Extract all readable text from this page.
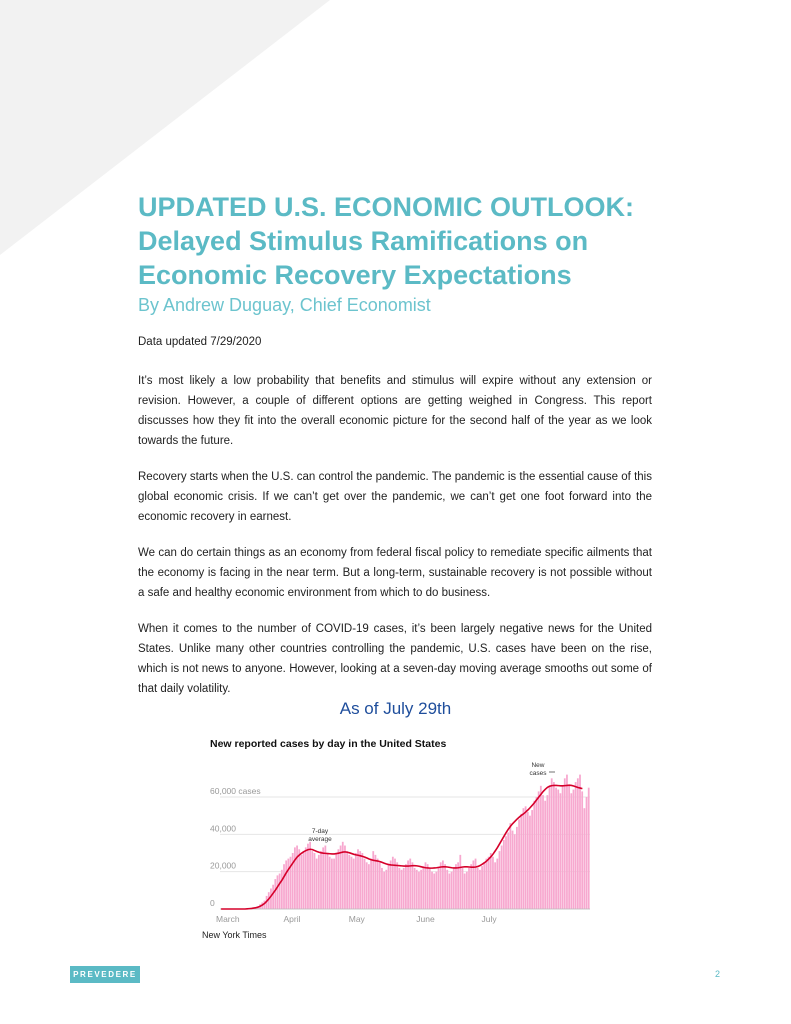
UPDATED U.S. ECONOMIC OUTLOOK:
Delayed Stimulus Ramifications on
Economic Recovery Expectations
By Andrew Duguay, Chief Economist
Data updated 7/29/2020

It’s most likely a low probability that benefits and stimulus will expire without any extension or revision. However, a couple of different options are getting weighed in Congress. This report discusses how they fit into the overall economic picture for the second half of the year as we look towards the future.

Recovery starts when the U.S. can control the pandemic. The pandemic is the essential cause of this global economic crisis. If we can’t get over the pandemic, we can’t get one foot forward into the economic recovery in earnest.

We can do certain things as an economy from federal fiscal policy to remediate specific ailments that the economy is facing in the near term. But a long-term, sustainable recovery is not possible without a safe and healthy economic environment from which to do business.

When it comes to the number of COVID-19 cases, it’s been largely negative news for the United States. Unlike many other countries controlling the pandemic, U.S. cases have been on the rise, which is not news to anyone. However, looking at a seven-day moving average smooths out some of that daily volatility.

As of July 29th
0
20,000
40,000
60,000 cases
March	April	May	June	July
7-day average
New cases
New reported cases by day in the United States
New York Times
PREVEDERE	2
